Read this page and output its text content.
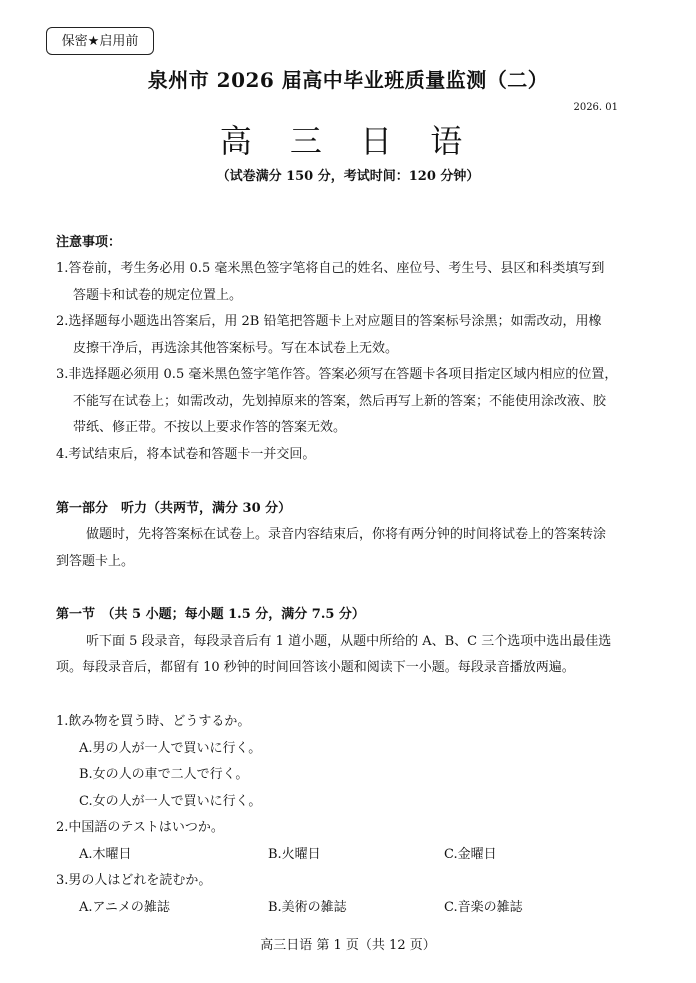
保密★启用前
泉州市 2026 届高中毕业班质量监测（二）
2026. 01
高 三 日 语
（试卷满分 150 分，考试时间：120 分钟）
注意事项：
1.答卷前，考生务必用 0.5 毫米黑色签字笔将自己的姓名、座位号、考生号、县区和科类填写到
答题卡和试卷的规定位置上。
2.选择题每小题选出答案后，用 2B 铅笔把答题卡上对应题目的答案标号涂黑；如需改动，用橡
皮擦干净后，再选涂其他答案标号。写在本试卷上无效。
3.非选择题必须用 0.5 毫米黑色签字笔作答。答案必须写在答题卡各项目指定区域内相应的位置，
不能写在试卷上；如需改动，先划掉原来的答案，然后再写上新的答案；不能使用涂改液、胶
带纸、修正带。不按以上要求作答的答案无效。
4.考试结束后，将本试卷和答题卡一并交回。
第一部分　听力（共两节，满分 30 分）
做题时，先将答案标在试卷上。录音内容结束后，你将有两分钟的时间将试卷上的答案转涂
到答题卡上。
第一节　（共 5 小题；每小题 1.5 分，满分 7.5 分）
听下面 5 段录音，每段录音后有 1 道小题，从题中所给的 A、B、C 三个选项中选出最佳选
项。每段录音后，都留有 10 秒钟的时间回答该小题和阅读下一小题。每段录音播放两遍。
1.飲み物を買う時、どうするか。
A.男の人が一人で買いに行く。
B.女の人の車で二人で行く。
C.女の人が一人で買いに行く。
2.中国語のテストはいつか。
A.木曜日	B.火曜日	C.金曜日
3.男の人はどれを読むか。
A.アニメの雑誌	B.美術の雑誌	C.音楽の雑誌
高三日语 第 1 页（共 12 页）
